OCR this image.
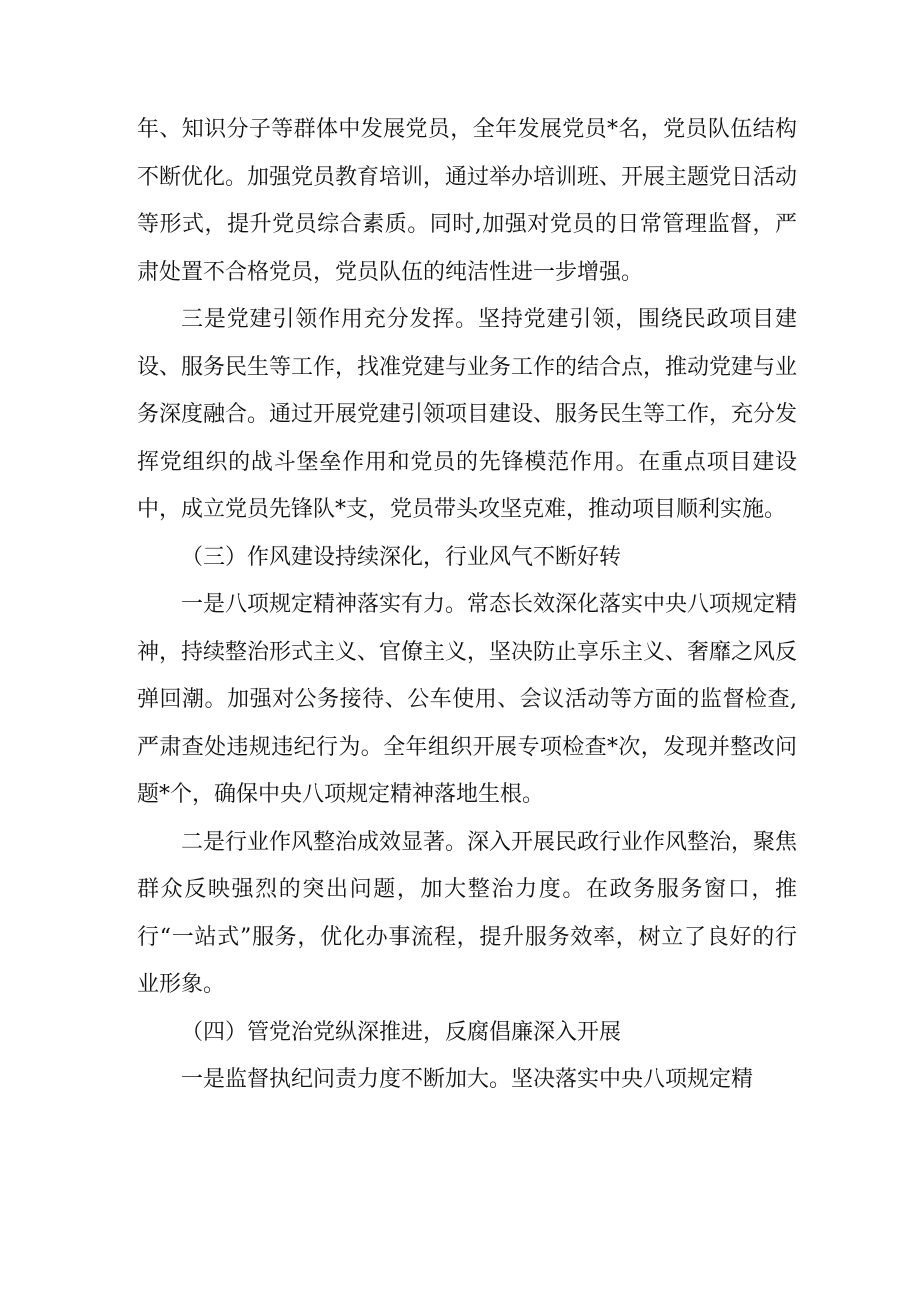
年、知识分子等群体中发展党员，全年发展党员*名，党员队伍结构不断优化。加强党员教育培训，通过举办培训班、开展主题党日活动等形式，提升党员综合素质。同时,加强对党员的日常管理监督，严肃处置不合格党员，党员队伍的纯洁性进一步增强。

三是党建引领作用充分发挥。坚持党建引领，围绕民政项目建设、服务民生等工作，找准党建与业务工作的结合点，推动党建与业务深度融合。通过开展党建引领项目建设、服务民生等工作，充分发挥党组织的战斗堡垒作用和党员的先锋模范作用。在重点项目建设中，成立党员先锋队*支，党员带头攻坚克难，推动项目顺利实施。

（三）作风建设持续深化，行业风气不断好转

一是八项规定精神落实有力。常态长效深化落实中央八项规定精神，持续整治形式主义、官僚主义，坚决防止享乐主义、奢靡之风反弹回潮。加强对公务接待、公车使用、会议活动等方面的监督检查,严肃查处违规违纪行为。全年组织开展专项检查*次，发现并整改问题*个，确保中央八项规定精神落地生根。

二是行业作风整治成效显著。深入开展民政行业作风整治，聚焦群众反映强烈的突出问题，加大整治力度。在政务服务窗口，推行“一站式”服务，优化办事流程，提升服务效率，树立了良好的行业形象。

（四）管党治党纵深推进，反腐倡廉深入开展

一是监督执纪问责力度不断加大。坚决落实中央八项规定精
